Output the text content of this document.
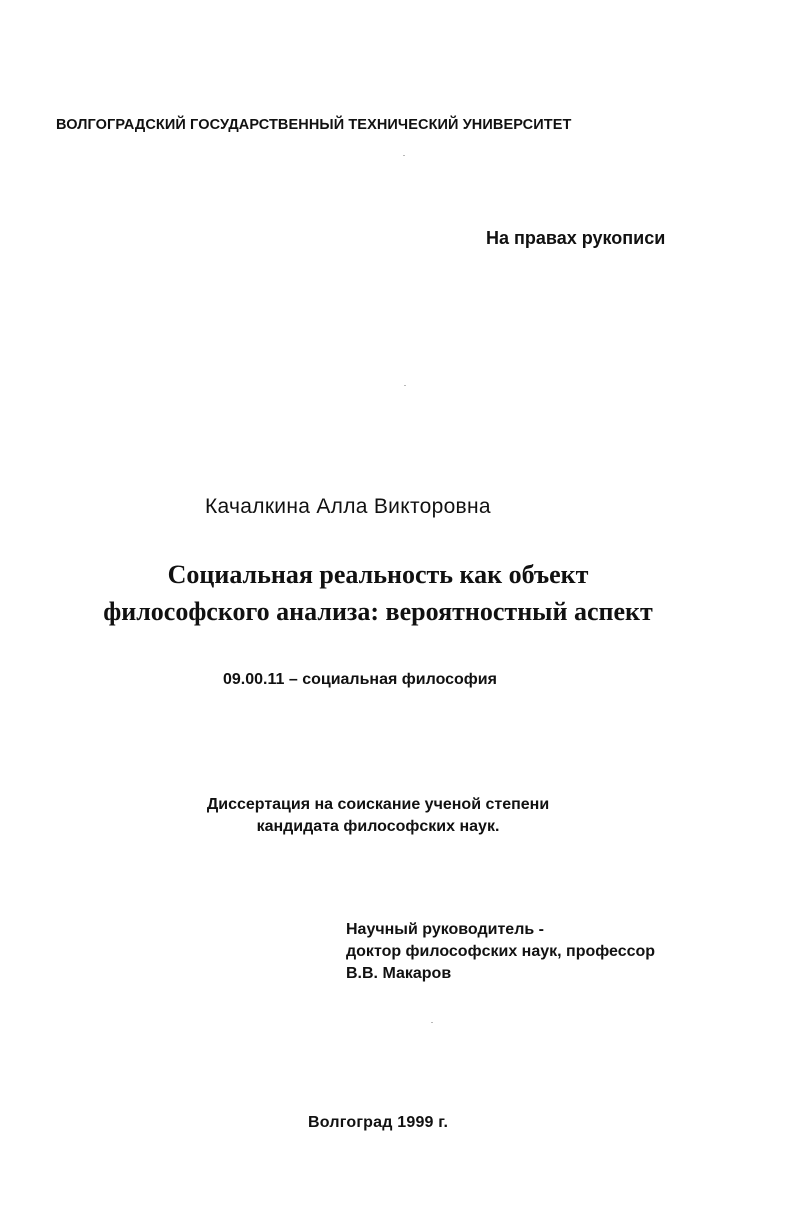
ВОЛГОГРАДСКИЙ ГОСУДАРСТВЕННЫЙ ТЕХНИЧЕСКИЙ УНИВЕРСИТЕТ
На правах рукописи
Качалкина Алла Викторовна
Социальная реальность как объект
философского анализа: вероятностный аспект
09.00.11 – социальная философия
Диссертация на соискание ученой степени
кандидата философских наук.
Научный руководитель -
доктор философских наук, профессор
В.В. Макаров
Волгоград 1999 г.
